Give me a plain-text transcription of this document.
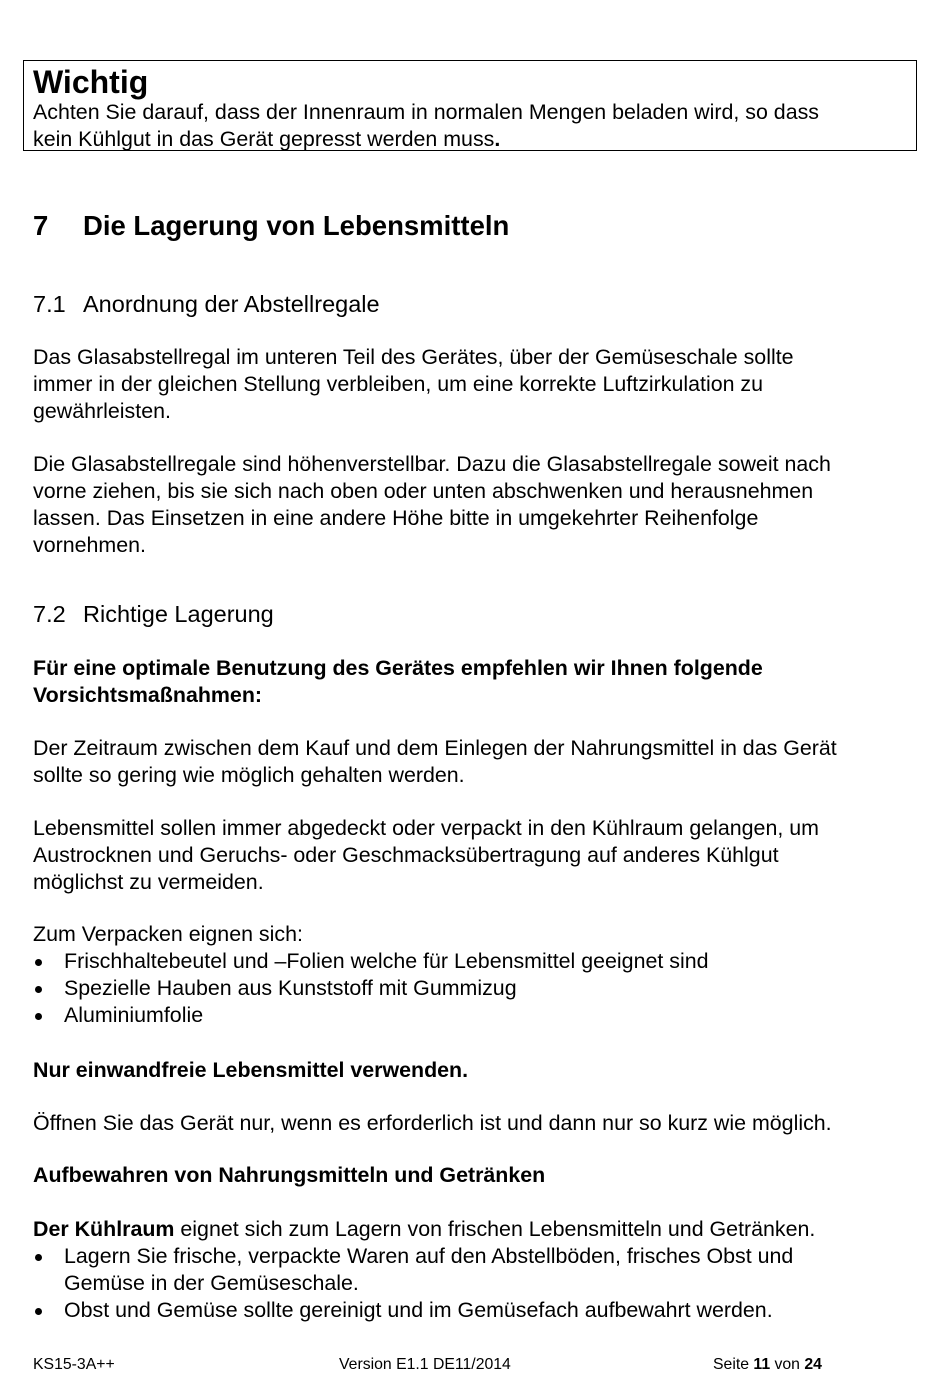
Wichtig
Achten Sie darauf, dass der Innenraum in normalen Mengen beladen wird, so dass
kein Kühlgut in das Gerät gepresst werden muss.
7 Die Lagerung von Lebensmitteln
7.1 Anordnung der Abstellregale
Das Glasabstellregal im unteren Teil des Gerätes, über der Gemüseschale sollte
immer in der gleichen Stellung verbleiben, um eine korrekte Luftzirkulation zu
gewährleisten.
Die Glasabstellregale sind höhenverstellbar. Dazu die Glasabstellregale soweit nach
vorne ziehen, bis sie sich nach oben oder unten abschwenken und herausnehmen
lassen. Das Einsetzen in eine andere Höhe bitte in umgekehrter Reihenfolge
vornehmen.
7.2 Richtige Lagerung
Für eine optimale Benutzung des Gerätes empfehlen wir Ihnen folgende
Vorsichtsmaßnahmen:
Der Zeitraum zwischen dem Kauf und dem Einlegen der Nahrungsmittel in das Gerät
sollte so gering wie möglich gehalten werden.
Lebensmittel sollen immer abgedeckt oder verpackt in den Kühlraum gelangen, um
Austrocknen und Geruchs- oder Geschmacksübertragung auf anderes Kühlgut
möglichst zu vermeiden.
Zum Verpacken eignen sich:
Frischhaltebeutel und –Folien welche für Lebensmittel geeignet sind
Spezielle Hauben aus Kunststoff mit Gummizug
Aluminiumfolie
Nur einwandfreie Lebensmittel verwenden.
Öffnen Sie das Gerät nur, wenn es erforderlich ist und dann nur so kurz wie möglich.
Aufbewahren von Nahrungsmitteln und Getränken
Der Kühlraum eignet sich zum Lagern von frischen Lebensmitteln und Getränken.
Lagern Sie frische, verpackte Waren auf den Abstellböden, frisches Obst und
Gemüse in der Gemüseschale.
Obst und Gemüse sollte gereinigt und im Gemüsefach aufbewahrt werden.
KS15-3A++	Version E1.1 DE11/2014	Seite 11 von 24
